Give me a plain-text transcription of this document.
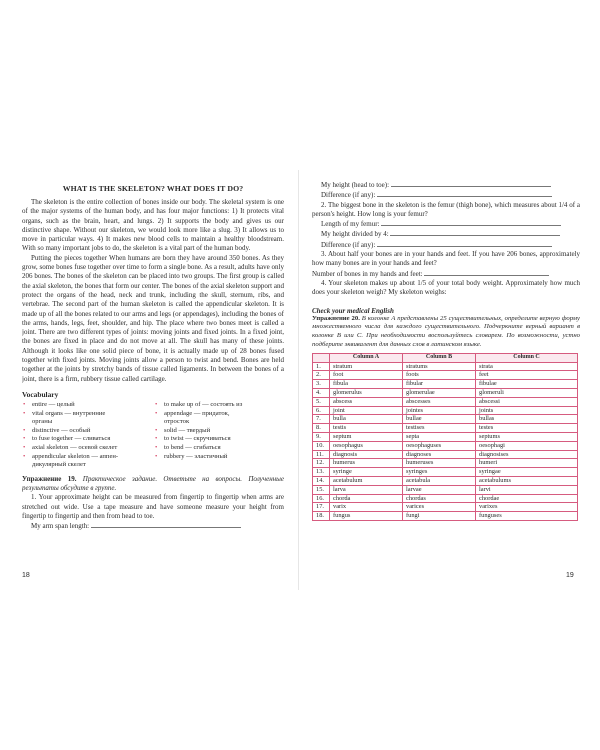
WHAT IS THE SKELETON? WHAT DOES IT DO?

The skeleton is the entire collection of bones inside our body. The skeletal system is one of the major systems of the human body, and has four major functions: 1) It protects vital organs, such as the brain, heart, and lungs. 2) It supports the body and gives us our distinctive shape. Without our skeleton, we would look more like a slug. 3) It allows us to move in particular ways. 4) It makes new blood cells to maintain a healthy bloodstream. With so many important jobs to do, the skeleton is a vital part of the human body.

Putting the pieces together When humans are born they have around 350 bones. As they grow, some bones fuse together over time to form a single bone. As a result, adults have only 206 bones. The bones of the skeleton can be placed into two groups. The first group is called the axial skeleton, the bones that form our center. The bones of the axial skeleton support and protect the organs of the head, neck and trunk, including the skull, sternum, ribs, and vertebrae. The second part of the human skeleton is called the appendicular skeleton. It is made up of all the bones related to our arms and legs (or appendages), including the bones of the arms, hands, legs, feet, shoulder, and hip. The place where two bones meet is called a joint. There are two different types of joints: moving joints and fixed joints. In a fixed joint, the bones are fixed in place and do not move at all. The skull has many of these joints. Although it looks like one solid piece of bone, it is actually made up of 28 bones fused together with fixed joints. Moving joints allow a person to twist and bend. Bones are held together at the joints by stretchy bands of tissue called ligaments. In between the bones of a joint, there is a firm, rubbery tissue called cartilage.

Vocabulary
• entire — целый
• vital organs — внутренние
органы
• distinctive — особый
• to fuse together — сливаться
• axial skeleton — осевой скелет
• appendicular skeleton — аппен-
дикулярный скелет
• to make up of — состоять из
• appendage — придаток,
отросток
• solid — твердый
• to twist — скручиваться
• to bend — сгибаться
• rubbery — эластичный
Упражнение 19. Практическое задание. Ответьте на вопросы. Полученные результаты обсудите в группе.

1. Your approximate height can be measured from fingertip to fingertip when arms are stretched out wide. Use a tape measure and have someone measure your height from fingertip to fingertip and then from head to toe.

My arm span length:
18
My height (head to toe):
Difference (if any):

2. The biggest bone in the skeleton is the femur (thigh bone), which measures about 1/4 of a person's height. How long is your femur?

Length of my femur:
My height divided by 4:
Difference (if any):

3. About half your bones are in your hands and feet. If you have 206 bones, approximately how many bones are in your hands and feet?

Number of bones in my hands and feet:

4. Your skeleton makes up about 1/5 of your total body weight. Approximately how much does your skeleton weigh? My skeleton weighs:

Check your medical English
Упражнение 20. В колонке А представлены 25 существительных, определите верную форму множественного числа для каждого существительного. Подчеркните верный вариант в колонке В или С. При необходимости воспользуйтесь словарем. По возможности, устно подберите эквивалент для данных слов в латинском языке.
	Column A	Column B	Column C
1.	stratum	stratums	strata
2.	foot	foots	feet
3.	fibula	fibular	fibulae
4.	glomerulus	glomerulae	glomeruli
5.	abscess	abscesses	abscessi
6.	joint	jointes	joints
7.	bulla	bullae	bullas
8.	testis	testises	testes
9.	septum	septa	septums
10.	oesophagus	oesophaguses	oesophagi
11.	diagnosis	diagnoses	diagnosises
12.	humerus	humeruses	humeri
13.	syringe	syringes	syringae
14.	acetabulum	acetabula	acetabulums
15.	larva	larvae	larvi
16.	chorda	chordas	chordae
17.	varix	varices	varixes
18.	fungus	fungi	funguses
19
